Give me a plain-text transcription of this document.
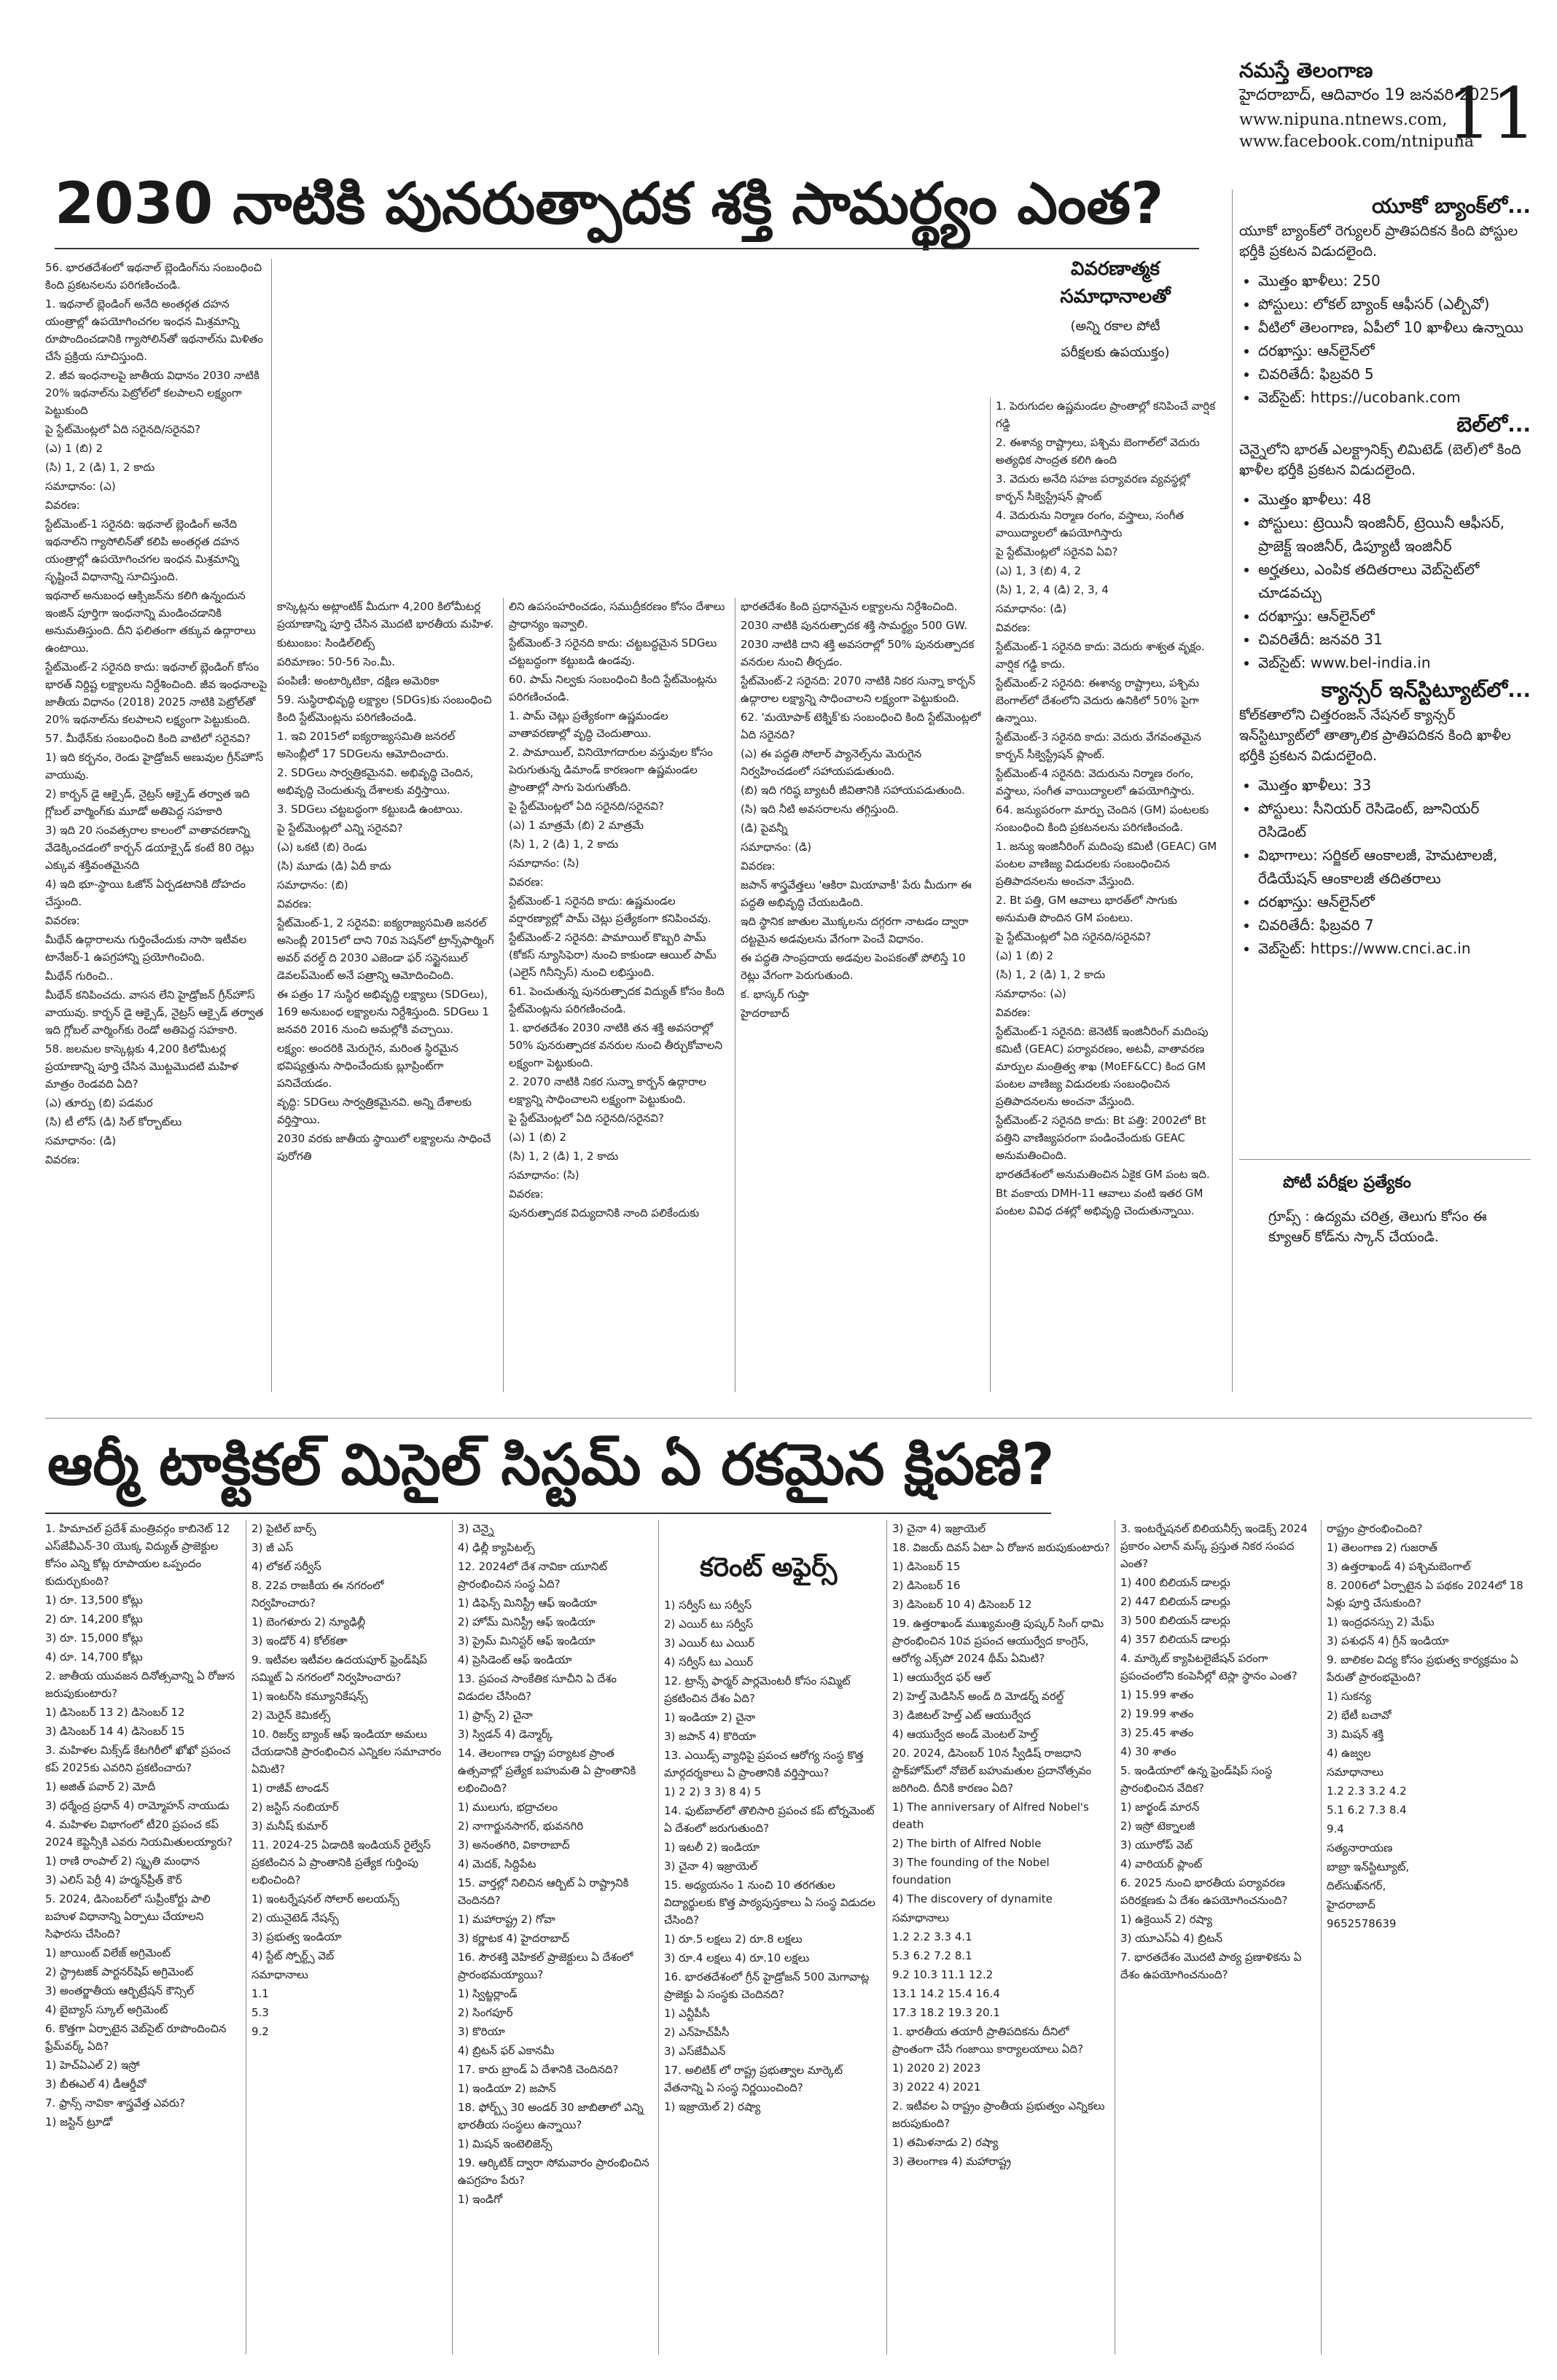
నమస్తే తెలంగాణ
హైదరాబాద్, ఆదివారం 19 జనవరి 2025
www.nipuna.ntnews.com,
www.facebook.com/ntnipuna
11
2030 నాటికి పునరుత్పాదక శక్తి సామర్థ్యం ఎంత?
వివరణాత్మక
సమాధానాలతో
(అన్ని రకాల పోటీ
పరీక్షలకు ఉపయుక్తం)

56. భారతదేశంలో ఇథనాల్ బ్లెండింగ్‌ను సంబంధించి కింది ప్రకటనలను పరిగణించండి.

1. ఇథనాల్ బ్లెండింగ్ అనేది అంతర్గత దహన యంత్రాల్లో ఉపయోగించగల ఇంధన మిశ్రమాన్ని రూపొందించడానికి గ్యాసోలిన్‌తో ఇథనాల్‌ను మిళితం చేసే ప్రక్రియ సూచిస్తుంది.

2. జీవ ఇంధనాలపై జాతీయ విధానం 2030 నాటికి 20% ఇథనాల్‌ను పెట్రోల్‌లో కలపాలని లక్ష్యంగా పెట్టుకుంది

పై స్టేట్‌మెంట్లలో ఏది సరైనది/సరైనవి?

(ఎ) 1 (బి) 2

(సి) 1, 2 (డి) 1, 2 కాదు

సమాధానం: (ఎ)

వివరణ:

స్టేట్‌మెంట్-1 సరైనది: ఇథనాల్ బ్లెండింగ్ అనేది ఇథనాల్‌ని గ్యాసోలిన్‌తో కలిపి అంతర్గత దహన యంత్రాల్లో ఉపయోగించగల ఇంధన మిశ్రమాన్ని సృష్టించే విధానాన్ని సూచిస్తుంది.

ఇథనాల్ అనుబంధ ఆక్సిజన్‌ను కలిగి ఉన్నందున ఇంజిన్ పూర్తిగా ఇంధనాన్ని మండించడానికి అనుమతిస్తుంది. దీని ఫలితంగా తక్కువ ఉద్గారాలు ఉంటాయి.

స్టేట్‌మెంట్-2 సరైనది కాదు: ఇథనాల్ బ్లెండింగ్ కోసం భారత్ నిర్దిష్ట లక్ష్యాలను నిర్దేశించింది. జీవ ఇంధనాలపై జాతీయ విధానం (2018) 2025 నాటికి పెట్రోల్‌తో 20% ఇథనాల్‌ను కలపాలని లక్ష్యంగా పెట్టుకుంది.

57. మీథేన్‌కు సంబంధించి కింది వాటిలో సరైనవి?

1) ఇది కర్బనం, రెండు హైడ్రోజన్ అణువుల గ్రీన్‌హౌస్ వాయువు.

2) కార్బన్ డై ఆక్సైడ్, నైట్రస్ ఆక్సైడ్ తర్వాత ఇది గ్లోబల్ వార్మింగ్‌కు మూడో అతిపెద్ద సహకారి

3) ఇది 20 సంవత్సరాల కాలంలో వాతావరణాన్ని వేడెక్కించడంలో కార్బన్ డయాక్సైడ్ కంటే 80 రెట్లు ఎక్కువ శక్తివంతమైనది

4) ఇది భూ-స్థాయి ఓజోన్ ఏర్పడటానికి దోహదం చేస్తుంది.

వివరణ:

మీథేన్ ఉద్గారాలను గుర్తించేందుకు నాసా ఇటీవల టానేజర్-1 ఉపగ్రహాన్ని ప్రయోగించింది.

మీథేన్ గురించి..

మీథేన్ కనిపించదు. వాసన లేని హైడ్రోజన్ గ్రీన్‌హౌస్ వాయువు. కార్బన్ డై ఆక్సైడ్, నైట్రస్ ఆక్సైడ్ తర్వాత ఇది గ్లోబల్ వార్మింగ్‌కు రెండో అతిపెద్ద సహకారి.

58. జలమల కాస్కెట్లకు 4,200 కిలోమీటర్ల ప్రయాణాన్ని పూర్తి చేసిన మొట్టమొదటి మహిళ మాత్రం రెండవది ఏది?

(ఎ) తూర్పు (బి) పడమర

(సి) టీ లోస్ (డి) సిల్ కోర్బాట్‌లు

సమాధానం: (డి)

వివరణ:

కాస్కెట్లను అట్లాంటిక్ మీదుగా 4,200 కిలోమీటర్ల ప్రయాణాన్ని పూర్తి చేసిన మొదటి భారతీయ మహిళ.

కుటుంబం: సిండిల్‌లిట్స్

పరిమాణం: 50-56 సెం.మీ.

పంపిణీ: అంటార్కిటికా, దక్షిణ అమెరికా

59. సుస్థిరాభివృద్ధి లక్ష్యాల (SDGs)కు సంబంధించి కింది స్టేట్‌మెంట్లను పరిగణించండి.

1. ఇవి 2015లో ఐక్యరాజ్యసమితి జనరల్ అసెంబ్లీలో 17 SDGలను ఆమోదించారు.

2. SDGలు సార్వత్రికమైనవి. అభివృద్ధి చెందిన, అభివృద్ధి చెందుతున్న దేశాలకు వర్తిస్తాయి.

3. SDGలు చట్టబద్ధంగా కట్టుబడి ఉంటాయి.

పై స్టేట్‌మెంట్లలో ఎన్ని సరైనవి?

(ఎ) ఒకటి (బి) రెండు

(సి) మూడు (డి) ఏదీ కాదు

సమాధానం: (బి)

వివరణ:

స్టేట్‌మెంట్-1, 2 సరైనవి: ఐక్యరాజ్యసమితి జనరల్ అసెంబ్లీ 2015లో దాని 70వ సెషన్‌లో ట్రాన్స్‌ఫార్మింగ్ అవర్ వరల్డ్ ది 2030 ఎజెండా ఫర్ సస్టైనబుల్ డెవలప్‌మెంట్ అనే పత్రాన్ని ఆమోదించింది.

ఈ పత్రం 17 సుస్థిర అభివృద్ధి లక్ష్యాలు (SDGలు), 169 అనుబంధ లక్ష్యాలను నిర్దేశిస్తుంది. SDGలు 1 జనవరి 2016 నుంచి అమల్లోకి వచ్చాయి.

లక్ష్యం: అందరికి మెరుగైన, మరింత స్థిరమైన భవిష్యత్తును సాధించేందుకు బ్లూప్రింట్‌గా పనిచేయడం.

వృద్ధి: SDGలు సార్వత్రికమైనవి. అన్ని దేశాలకు వర్తిస్తాయి.

2030 వరకు జాతీయ స్థాయిలో లక్ష్యాలను సాధించే పురోగతి

లిని ఉపసంహరించడం, సముద్రీకరణం కోసం దేశాలు ప్రాధాన్యం ఇవ్వాలి.

స్టేట్‌మెంట్-3 సరైనది కాదు: చట్టబద్ధమైన SDGలు చట్టబద్ధంగా కట్టుబడి ఉండవు.

60. పామ్ నిల్వకు సంబంధించి కింది స్టేట్‌మెంట్లను పరిగణించండి.

1. పామ్ చెట్లు ప్రత్యేకంగా ఉష్ణమండల వాతావరణాల్లో వృద్ధి చెందుతాయి.

2. పామాయిల్, వినియోగదారుల వస్తువుల కోసం పెరుగుతున్న డిమాండ్ కారణంగా ఉష్ణమండల ప్రాంతాల్లో సాగు పెరుగుతోంది.

పై స్టేట్‌మెంట్లలో ఏది సరైనది/సరైనవి?

(ఎ) 1 మాత్రమే (బి) 2 మాత్రమే

(సి) 1, 2 (డి) 1, 2 కాదు

సమాధానం: (సి)

వివరణ:

స్టేట్‌మెంట్-1 సరైనది కాదు: ఉష్ణమండల వర్షారణ్యాల్లో పామ్ చెట్లు ప్రత్యేకంగా కనిపించవు.

స్టేట్‌మెంట్-2 సరైనది: పామాయిల్ కొబ్బరి పామ్ (కోకస్ న్యూసిఫెరా) నుంచి కాకుండా ఆయిల్ పామ్ (ఎలైస్ గినీన్సిస్) నుంచి లభిస్తుంది.

61. పెంచుతున్న పునరుత్పాదక విద్యుత్ కోసం కింది స్టేట్‌మెంట్లను పరిగణించండి.

1. భారతదేశం 2030 నాటికి తన శక్తి అవసరాల్లో 50% పునరుత్పాదక వనరుల నుంచి తీర్చుకోవాలని లక్ష్యంగా పెట్టుకుంది.

2. 2070 నాటికి నికర సున్నా కార్బన్ ఉద్గారాల లక్ష్యాన్ని సాధించాలని లక్ష్యంగా పెట్టుకుంది.

పై స్టేట్‌మెంట్లలో ఏది సరైనది/సరైనవి?

(ఎ) 1 (బి) 2

(సి) 1, 2 (డి) 1, 2 కాదు

సమాధానం: (సి)

వివరణ:

పునరుత్పాదక విద్యుదానికి నాంది పలికేందుకు

భారతదేశం కింది ప్రధానమైన లక్ష్యాలను నిర్దేశించింది.

2030 నాటికి పునరుత్పాదక శక్తి సామర్థ్యం 500 GW.

2030 నాటికి దాని శక్తి అవసరాల్లో 50% పునరుత్పాదక వనరుల నుంచి తీర్చడం.

స్టేట్‌మెంట్-2 సరైనది: 2070 నాటికి నికర సున్నా కార్బన్ ఉద్గారాల లక్ష్యాన్ని సాధించాలని లక్ష్యంగా పెట్టుకుంది.

62. 'మయోపాక్ టెక్నిక్'కు సంబంధించి కింది స్టేట్‌మెంట్లలో ఏది సరైనది?

(ఎ) ఈ పద్ధతి సోలార్ ప్యానెల్స్‌ను మెరుగైన నిర్వహించడంలో సహాయపడుతుంది.

(బి) ఇది గరిష్ఠ బ్యాటరీ జీవితానికి సహాయపడుతుంది.

(సి) ఇది నీటి అవసరాలను తగ్గిస్తుంది.

(డి) పైవన్నీ

సమాధానం: (డి)

వివరణ:

జపాన్ శాస్త్రవేత్తలు 'ఆకిరా మియావాకీ' పేరు మీదుగా ఈ పద్ధతి అభివృద్ధి చేయబడింది.

ఇది స్థానిక జాతుల మొక్కలను దగ్గరగా నాటడం ద్వారా దట్టమైన అడవులను వేగంగా పెంచే విధానం.

ఈ పద్ధతి సాంప్రదాయ అడవుల పెంపకంతో పోలిస్తే 10 రెట్లు వేగంగా పెరుగుతుంది.

క. భాస్కర్ గుప్తా

హైదరాబాద్

1. పెరుగుదల ఉష్ణమండల ప్రాంతాల్లో కనిపించే వార్షిక గడ్డి

2. ఈశాన్య రాష్ట్రాలు, పశ్చిమ బెంగాల్‌లో వెదురు అత్యధిక సాంద్రత కలిగి ఉంది

3. వెదురు అనేది సహజ పర్యావరణ వ్యవస్థల్లో కార్బన్ సీక్వెస్ట్రేషన్ ప్లాంట్

4. వెదురును నిర్మాణ రంగం, వస్త్రాలు, సంగీత వాయిద్యాలలో ఉపయోగిస్తారు

పై స్టేట్‌మెంట్లలో సరైనవి ఏవి?

(ఎ) 1, 3 (బి) 4, 2

(సి) 1, 2, 4 (డి) 2, 3, 4

సమాధానం: (డి)

వివరణ:

స్టేట్‌మెంట్-1 సరైనది కాదు: వెదురు శాశ్వత వృక్షం. వార్షిక గడ్డి కాదు.

స్టేట్‌మెంట్-2 సరైనది: ఈశాన్య రాష్ట్రాలు, పశ్చిమ బెంగాల్‌లో దేశంలోని వెదురు ఉనికిలో 50% పైగా ఉన్నాయి.

స్టేట్‌మెంట్-3 సరైనది కాదు: వెదురు వేగవంతమైన కార్బన్ సీక్వెస్ట్రేషన్ ప్లాంట్.

స్టేట్‌మెంట్-4 సరైనది: వెదురును నిర్మాణ రంగం, వస్త్రాలు, సంగీత వాయిద్యాలలో ఉపయోగిస్తారు.

64. జన్యుపరంగా మార్పు చెందిన (GM) పంటలకు సంబంధించి కింది ప్రకటనలను పరిగణించండి.

1. జన్యు ఇంజినీరింగ్ మదింపు కమిటీ (GEAC) GM పంటల వాణిజ్య విడుదలకు సంబంధించిన ప్రతిపాదనలను అంచనా వేస్తుంది.

2. Bt పత్తి, GM ఆవాలు భారత్‌లో సాగుకు అనుమతి పొందిన GM పంటలు.

పై స్టేట్‌మెంట్లలో ఏది సరైనది/సరైనవి?

(ఎ) 1 (బి) 2

(సి) 1, 2 (డి) 1, 2 కాదు

సమాధానం: (ఎ)

వివరణ:

స్టేట్‌మెంట్-1 సరైనది: జెనెటిక్ ఇంజినీరింగ్ మదింపు కమిటీ (GEAC) పర్యావరణం, అటవీ, వాతావరణ మార్పుల మంత్రిత్వ శాఖ (MoEF&CC) కింద GM పంటల వాణిజ్య విడుదలకు సంబంధించిన ప్రతిపాదనలను అంచనా వేస్తుంది.

స్టేట్‌మెంట్-2 సరైనది కాదు: Bt పత్తి: 2002లో Bt పత్తిని వాణిజ్యపరంగా పండించేందుకు GEAC అనుమతించింది.

భారతదేశంలో అనుమతించిన ఏకైక GM పంట ఇది.

Bt వంకాయ DMH-11 ఆవాలు వంటి ఇతర GM పంటల వివిధ దశల్లో అభివృద్ధి చెందుతున్నాయి.

యూకో బ్యాంక్‌లో...
యూకో బ్యాంక్‌లో రెగ్యులర్ ప్రాతిపదికన కింది పోస్టుల భర్తీకి ప్రకటన విడుదలైంది.
• మొత్తం ఖాళీలు: 250
• పోస్టులు: లోకల్ బ్యాంక్ ఆఫీసర్ (ఎల్బీవో)
• వీటిలో తెలంగాణ, ఏపీలో 10 ఖాళీలు ఉన్నాయి
• దరఖాస్తు: ఆన్‌లైన్‌లో
• చివరితేదీ: ఫిబ్రవరి 5
• వెబ్‌సైట్: https://ucobank.com
బెల్‌లో...
చెన్నైలోని భారత్ ఎలక్ట్రానిక్స్ లిమిటెడ్ (బెల్)లో కింది ఖాళీల భర్తీకి ప్రకటన విడుదలైంది.
• మొత్తం ఖాళీలు: 48
• పోస్టులు: ట్రెయినీ ఇంజినీర్, ట్రెయినీ ఆఫీసర్, ప్రాజెక్ట్ ఇంజినీర్, డిప్యూటీ ఇంజినీర్
• అర్హతలు, ఎంపిక తదితరాలు వెబ్‌సైట్‌లో చూడవచ్చు
• దరఖాస్తు: ఆన్‌లైన్‌లో
• చివరితేదీ: జనవరి 31
• వెబ్‌సైట్: www.bel-india.in
క్యాన్సర్ ఇన్‌స్టిట్యూట్‌లో...
కోల్‌కతాలోని చిత్తరంజన్ నేషనల్ క్యాన్సర్ ఇన్‌స్టిట్యూట్‌లో తాత్కాలిక ప్రాతిపదికన కింది ఖాళీల భర్తీకి ప్రకటన విడుదలైంది.
• మొత్తం ఖాళీలు: 33
• పోస్టులు: సీనియర్ రెసిడెంట్, జూనియర్ రెసిడెంట్
• విభాగాలు: సర్జికల్ ఆంకాలజీ, హెమటాలజీ, రేడియేషన్ ఆంకాలజీ తదితరాలు
• దరఖాస్తు: ఆన్‌లైన్‌లో
• చివరితేదీ: ఫిబ్రవరి 7
• వెబ్‌సైట్: https://www.cnci.ac.in
పోటీ పరీక్షల ప్రత్యేకం
గ్రూప్స్ : ఉద్యమ చరిత్ర, తెలుగు కోసం ఈ క్యూఆర్ కోడ్‌ను స్కాన్ చేయండి.
ఆర్మీ టాక్టికల్ మిసైల్ సిస్టమ్ ఏ రకమైన క్షిపణి?
కరెంట్ అఫైర్స్

1. హిమాచల్ ప్రదేశ్ మంత్రివర్గం కాబినెట్ 12 ఎస్‌జేవీఎన్-30 యొక్క విద్యుత్ ప్రాజెక్టుల కోసం ఎన్ని కోట్ల రూపాయల ఒప్పందం కుదుర్చుకుంది?

1) రూ. 13,500 కోట్లు

2) రూ. 14,200 కోట్లు

3) రూ. 15,000 కోట్లు

4) రూ. 14,700 కోట్లు

2. జాతీయ యువజన దినోత్సవాన్ని ఏ రోజున జరుపుకుంటారు?

1) డిసెంబర్ 13 2) డిసెంబర్ 12

3) డిసెంబర్ 14 4) డిసెంబర్ 15

3. మహిళల మిక్స్‌డ్ కేటగిరీలో ఖోఖో ప్రపంచ కప్ 2025కు ఎవరిని ప్రకటించారు?

1) అజిత్ పవార్ 2) మోదీ

3) ధర్మేంద్ర ప్రధాన్ 4) రామ్మోహన్ నాయుడు

4. మహిళల విభాగంలో టీ20 ప్రపంచ కప్ 2024 కెప్టెన్సీకి ఎవరు నియమితులయ్యారు?

1) రాణి రాంపాల్ 2) స్మృతి మంధాన

3) ఎలిస్ పెర్రీ 4) హర్మన్‌ప్రీత్ కౌర్

5. 2024, డిసెంబర్‌లో సుప్రీంకోర్టు పాలి బహుళ విధానాన్ని ఏర్పాటు చేయాలని సిఫారసు చేసింది?

1) జాయింట్ విలేజ్ అగ్రిమెంట్

2) స్ట్రాటజిక్ పార్టనర్‌షిప్ అగ్రిమెంట్

3) అంతర్జాతీయ ఆర్బిట్రేషన్ కౌన్సిల్

4) బైబ్యాస్ స్కూల్ అగ్రిమెంట్

6. కొత్తగా ఏర్పాటైన వెబ్‌సైట్ రూపొందించిన ఫ్రేమ్‌వర్క్ ఏది?

1) హెచ్‌ఏఎల్ 2) ఇస్రో

3) బీఈఎల్ 4) డీఆర్డీవో

7. ఫ్రాన్స్ నావికా శాస్త్రవేత్త ఎవరు?

1) జస్టిన్ ట్రూడో

2) పైటిల్ బార్స్

3) జీ ఎస్

4) లోకల్ సర్వీస్

8. 22వ రాజకీయ ఈ నగరంలో నిర్వహించారు?

1) బెంగళూరు 2) న్యూఢిల్లీ

3) ఇండోర్ 4) కోల్‌కతా

9. ఇటీవల ఇటీవల ఉదయపూర్ ఫ్రెండ్‌షిప్ సమ్మిట్ ఏ నగరంలో నిర్వహించారు?

1) ఇంటర్‌సి కమ్యూనికేషన్స్

2) మెరైన్ కెమికల్స్

10. రిజర్వ్ బ్యాంక్ ఆఫ్ ఇండియా అమలు చేయడానికి ప్రారంభించిన ఎన్నికల సమాచారం ఏమిటి?

1) రాజీవ్ టాండన్

2) జస్టిస్ నంబియార్

3) మనీష్ కుమార్

11. 2024-25 ఏడాదికి ఇండియన్ రైల్వేస్ ప్రకటించిన ఏ ప్రాంతానికి ప్రత్యేక గుర్తింపు లభించింది?

1) ఇంటర్నేషనల్ సోలార్ అలయన్స్

2) యునైటెడ్ నేషన్స్

3) ప్రభుత్వ ఇండియా

4) స్టేట్ స్పోర్ట్స్ వెబ్

సమాధానాలు

1.1

5.3

9.2

3) చెన్నై

4) ఢిల్లీ క్యాపిటల్స్

12. 2024లో దేశ నావికా యూనిట్ ప్రారంభించిన సంస్థ ఏది?

1) డిఫెన్స్ మినిస్ట్రీ ఆఫ్ ఇండియా

2) హోమ్ మినిస్ట్రీ ఆఫ్ ఇండియా

3) ప్రైమ్ మినిస్టర్ ఆఫ్ ఇండియా

4) ప్రెసిడెంట్ ఆఫ్ ఇండియా

13. ప్రపంచ సాంకేతిక సూచీని ఏ దేశం విడుదల చేసింది?

1) ఫ్రాన్స్ 2) చైనా

3) స్విడన్ 4) డెన్మార్క్

14. తెలంగాణ రాష్ట్ర పర్యాటక ప్రాంత ఉత్సవాల్లో ప్రత్యేక బహుమతి ఏ ప్రాంతానికి లభించింది?

1) ములుగు, భద్రాచలం

2) నాగార్జునసాగర్, భువనగిరి

3) అనంతగిరి, వికారాబాద్

4) మెదక్, సిద్దిపేట

15. వార్తల్లో నిలిచిన ఆర్బిట్ ఏ రాష్ట్రానికి చెందినది?

1) మహారాష్ట్ర 2) గోవా

3) కర్ణాటక 4) హైదరాబాద్

16. సౌరశక్తి వెహికల్ ప్రాజెక్టులు ఏ దేశంలో ప్రారంభమయ్యాయి?

1) స్విట్జర్లాండ్

2) సింగపూర్

3) కొరియా

4) బ్రిటన్ ఫర్ ఎకానమీ

17. కారు బ్రాండ్ ఏ దేశానికి చెందినది?

1) ఇండియా 2) జపాన్

18. ఫోర్బ్స్ 30 అండర్ 30 జాబితాలో ఎన్ని భారతీయ సంస్థలు ఉన్నాయి?

1) మిషన్ ఇంటెలిజెన్స్

19. ఆర్కిటిక్ ద్వారా సోమవారం ప్రారంభించిన ఉపగ్రహం పేరు?

1) ఇండిగో

1) సర్వీస్ టు సర్వీస్

2) ఎయిర్ టు సర్వీస్

3) ఎయిర్ టు ఎయిర్

4) సర్వీస్ టు ఎయిర్

12. ట్రాన్స్ ఫార్మర్ పార్లమెంటరీ కోసం సమ్మిట్ ప్రకటించిన దేశం ఏది?

1) ఇండియా 2) చైనా

3) జపాన్ 4) కొరియా

13. ఎయిడ్స్ వ్యాధిపై ప్రపంచ ఆరోగ్య సంస్థ కొత్త మార్గదర్శకాలు ఏ ప్రాంతానికి వర్తిస్తాయి?

1) 2 2) 3 3) 8 4) 5

14. ఫుట్‌బాల్‌లో తొలిసారి ప్రపంచ కప్ టోర్నమెంట్ ఏ దేశంలో జరుగుతుంది?

1) ఇటలీ 2) ఇండియా

3) చైనా 4) ఇజ్రాయెల్

15. అధ్యయనం 1 నుంచి 10 తరగతుల విద్యార్థులకు కొత్త పాఠ్యపుస్తకాలు ఏ సంస్థ విడుదల చేసింది?

1) రూ.5 లక్షలు 2) రూ.8 లక్షలు

3) రూ.4 లక్షలు 4) రూ.10 లక్షలు

16. భారతదేశంలో గ్రీన్ హైడ్రోజన్ 500 మెగావాట్ల ప్రాజెక్టు ఏ సంస్థకు చెందినది?

1) ఎన్టీపీసీ

2) ఎన్‌హెచ్‌పీసీ

3) ఎస్‌జేవీఎన్

17. అలిటిక్ లో రాష్ట్ర ప్రభుత్వాల మార్కెట్ వేతనాన్ని ఏ సంస్థ నిర్ణయించింది?

1) ఇజ్రాయెల్ 2) రష్యా

3) చైనా 4) ఇజ్రాయెల్

18. విజయ్ దివస్ ఏటా ఏ రోజున జరుపుకుంటారు?

1) డిసెంబర్ 15

2) డిసెంబర్ 16

3) డిసెంబర్ 10 4) డిసెంబర్ 12

19. ఉత్తరాఖండ్ ముఖ్యమంత్రి పుష్కర్ సింగ్ ధామి ప్రారంభించిన 10వ ప్రపంచ ఆయుర్వేద కాంగ్రెస్, ఆరోగ్య ఎక్స్‌పో 2024 థీమ్ ఏమిటి?

1) ఆయుర్వేద ఫర్ ఆల్

2) హెల్త్ మెడిసిన్ అండ్ ది మోడర్న్ వరల్డ్

3) డిజిటల్ హెల్త్ ఎట్ ఆయుర్వేద

4) ఆయుర్వేద అండ్ మెంటల్ హెల్త్

20. 2024, డిసెంబర్ 10న స్వీడిష్ రాజధాని స్టాక్‌హోమ్‌లో నోబెల్ బహుమతుల ప్రదానోత్సవం జరిగింది. దీనికి కారణం ఏది?

1) The anniversary of Alfred Nobel's death

2) The birth of Alfred Noble

3) The founding of the Nobel foundation

4) The discovery of dynamite

సమాధానాలు

1.2 2.2 3.3 4.1

5.3 6.2 7.2 8.1

9.2 10.3 11.1 12.2

13.1 14.2 15.4 16.4

17.3 18.2 19.3 20.1

1. భారతీయ తయారీ ప్రాతిపదికను దీనిలో ప్రాంతంగా చేసే గంజాయి కార్యాలయాలు ఏది?

1) 2020 2) 2023

3) 2022 4) 2021

2. ఇటీవల ఏ రాష్ట్రం ప్రాంతీయ ప్రభుత్వం ఎన్నికలు జరుపుకుంది?

1) తమిళనాడు 2) రష్యా

3) తెలంగాణ 4) మహారాష్ట్ర

3. ఇంటర్నేషనల్ బిలియనీర్స్ ఇండెక్స్ 2024 ప్రకారం ఎలాన్ మస్క్ ప్రస్తుత నికర సంపద ఎంత?

1) 400 బిలియన్ డాలర్లు

2) 447 బిలియన్ డాలర్లు

3) 500 బిలియన్ డాలర్లు

4) 357 బిలియన్ డాలర్లు

4. మార్కెట్ క్యాపిటలైజేషన్ పరంగా ప్రపంచంలోని కంపెనీల్లో టెస్లా స్థానం ఎంత?

1) 15.99 శాతం

2) 19.99 శాతం

3) 25.45 శాతం

4) 30 శాతం

5. ఇండియాలో ఉన్న ఫ్రెండ్‌షిప్ సంస్థ ప్రారంభించిన వేదిక?

1) జార్ఖండ్ మారన్

2) ఇస్రో టెక్నాలజీ

3) యూరోప్ వెబ్

4) వారియర్ ప్లాంట్

6. 2025 నుంచి భారతీయ పర్యావరణ పరిరక్షణకు ఏ దేశం ఉపయోగించనుంది?

1) ఉక్రెయిన్ 2) రష్యా

3) యూఎస్‌ఏ 4) బ్రిటన్

7. భారతదేశం మొదటి పాఠ్య ప్రణాళికను ఏ దేశం ఉపయోగించనుంది?

రాష్ట్రం ప్రారంభించింది?

1) తెలంగాణ 2) గుజరాత్

3) ఉత్తరాఖండ్ 4) పశ్చిమబెంగాల్

8. 2006లో ఏర్పాటైన ఏ పథకం 2024లో 18 ఏళ్లు పూర్తి చేసుకుంది?

1) ఇంద్రధనస్సు 2) మేఘ్

3) పశుధన్ 4) గ్రీన్ ఇండియా

9. బాలికల విద్య కోసం ప్రభుత్వ కార్యక్రమం ఏ పేరుతో ప్రారంభమైంది?

1) సుకన్య

2) భేటీ బచావో

3) మిషన్ శక్తి

4) ఉజ్వల

సమాధానాలు

1.2 2.3 3.2 4.2

5.1 6.2 7.3 8.4

9.4

సత్యనారాయణ

బాబ్రా ఇన్‌స్టిట్యూట్,

దిల్‌సుఖ్‌నగర్,

హైదరాబాద్

9652578639
